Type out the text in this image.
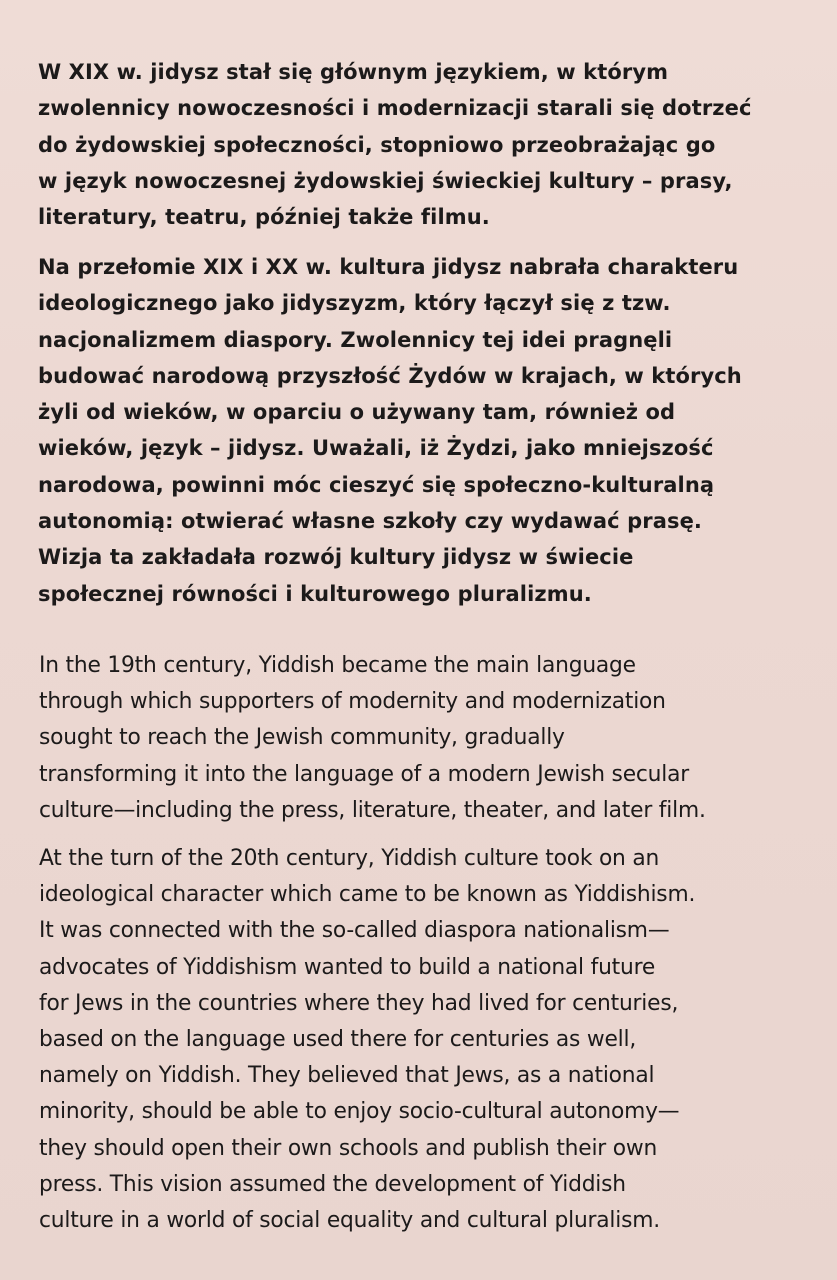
W XIX w. jidysz stał się głównym językiem, w którym
zwolennicy nowoczesności i modernizacji starali się dotrzeć
do żydowskiej społeczności, stopniowo przeobrażając go
w język nowoczesnej żydowskiej świeckiej kultury – prasy,
literatury, teatru, później także filmu.

Na przełomie XIX i XX w. kultura jidysz nabrała charakteru
ideologicznego jako jidyszyzm, który łączył się z tzw.
nacjonalizmem diaspory. Zwolennicy tej idei pragnęli
budować narodową przyszłość Żydów w krajach, w których
żyli od wieków, w oparciu o używany tam, również od
wieków, język – jidysz. Uważali, iż Żydzi, jako mniejszość
narodowa, powinni móc cieszyć się społeczno-kulturalną
autonomią: otwierać własne szkoły czy wydawać prasę.
Wizja ta zakładała rozwój kultury jidysz w świecie
społecznej równości i kulturowego pluralizmu.

In the 19th century, Yiddish became the main language
through which supporters of modernity and modernization
sought to reach the Jewish community, gradually
transforming it into the language of a modern Jewish secular
culture—including the press, literature, theater, and later film.

At the turn of the 20th century, Yiddish culture took on an
ideological character which came to be known as Yiddishism.
It was connected with the so-called diaspora nationalism—
advocates of Yiddishism wanted to build a national future
for Jews in the countries where they had lived for centuries,
based on the language used there for centuries as well,
namely on Yiddish. They believed that Jews, as a national
minority, should be able to enjoy socio-cultural autonomy—
they should open their own schools and publish their own
press. This vision assumed the development of Yiddish
culture in a world of social equality and cultural pluralism.
